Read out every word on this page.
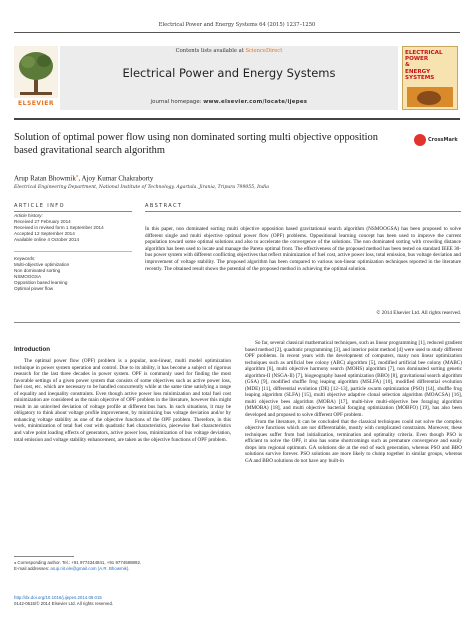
Electrical Power and Energy Systems 64 (2015) 1237–1250
ELSEVIER
Contents lists available at ScienceDirect
Electrical Power and Energy Systems
journal homepage: www.elsevier.com/locate/ijepes
ELECTRICAL
POWER
&
ENERGY
SYSTEMS
Solution of optimal power flow using non dominated sorting multi objective opposition based gravitational search algorithm
CrossMark
Arup Ratan Bhowmik⁎, Ajoy Kumar Chakraborty
Electrical Engineering Department, National Institute of Technology, Agartala, Jirania, Tripura 799055, India
ARTICLE INFO	ABSTRACT
Article history:
Received 27 February 2014
Received in revised form 1 September 2014
Accepted 12 September 2014
Available online 4 October 2014
Keywords:
Multi-objective optimization
Non dominated sorting
NSMOOGSA
Opposition based learning
Optimal power flow
In this paper, non dominated sorting multi objective opposition based gravitational search algorithm (NSMOOGSA) has been proposed to solve different single and multi objective optimal power flow (OPF) problems. Oppositional learning concept has been used to improve the current population toward some optimal solutions and also to accelerate the convergence of the solutions. The non dominated sorting with crowding distance algorithm has been used to locate and manage the Pareto optimal front. The effectiveness of the proposed method has been tested on standard IEEE 30-bus power system with different conflicting objectives that reflect minimization of fuel cost, active power loss, total emission, bus voltage deviation and improvement of voltage stability. The proposed algorithm has been compared to various non-linear optimization techniques reported in the literature recently. The obtained result shows the potential of the proposed method in achieving the optimal solution.
© 2014 Elsevier Ltd. All rights reserved.
Introduction
The optimal power flow (OPF) problem is a popular, non-linear, multi model optimization technique in power system operation and control. Due to its ability, it has become a subject of rigorous research for the last three decades in power system. OPF is commonly used for finding the most favorable settings of a given power system that consists of some objectives such as active power loss, fuel cost, etc. which are necessary to be handled concurrently while at the same time satisfying a range of equality and inequality constraints. Even though active power loss minimization and total fuel cost minimization are considered as the main objective of OPF problem in the literature, however this might result in an uninvited deviation of voltage profile at different bus bars. In such situations, it may be obligatory to think about voltage profile improvement, by minimizing bus voltage deviation and/or by enhancing voltage stability as one of the objective functions of the OPF problem. Therefore, in this work, minimization of total fuel cost with quadratic fuel characteristics, piecewise fuel characteristics and valve point loading effects of generators, active power loss, minimization of bus voltage deviation, total emission and voltage stability enhancement, are taken as the objective functions of OPF problem.

So far, several classical mathematical techniques, such as linear programming [1], reduced gradient based method [2], quadratic programming [3], and interior point method [4] were used to study different OPF problems. In recent years with the development of computers, many non linear optimization techniques such as artificial bee colony (ABC) algorithm [5], modified artificial bee colony (MABC) algorithm [6], multi objective harmony search (MOHS) algorithm [7], non dominated sorting genetic algorithm-II (NSGA-II) [7], biogeography based optimization (BBO) [8], gravitational search algorithm (GSA) [9], modified shuffle frog leaping algorithm (MSLFA) [10], modified differential evolution (MDE) [11], differential evolution (DE) [12–13], particle swarm optimization (PSO) [14], shuffle frog leaping algorithm (SLFA) [15], multi objective adaptive clonal selection algorithm (MOACSA) [16], multi objective bees algorithm (MOBA) [17], multi-hive multi-objective bee foraging algorithm (MMOBA) [18], and multi objective bacterial foraging optimization (MOBFO) [19], has also been developed and proposed to solve different OPF problem.

From the literature, it can be concluded that the classical techniques could not solve the complex objective functions which are not differentiable, mostly with complicated constraints. Moreover, these techniques suffer from bad initialization, termination and optimality criteria. Even though PSO is efficient to solve the OPF, it also has some shortcomings such as premature convergence and easily drops into regional optimum. GA solutions die at the end of each generation, whereas PSO and BBO solutions survive forever. PSO solutions are more likely to clump together in similar groups, whereas GA and BBO solutions do not have any built-in

⁎ Corresponding author. Tel.: +91 9774344841, +91 9774598892.
E-mail addresses: arup.nit.ele@gmail.com (A.R. Bhowmik).
http://dx.doi.org/10.1016/j.ijepes.2014.09.015
0142-0615/© 2014 Elsevier Ltd. All rights reserved.
